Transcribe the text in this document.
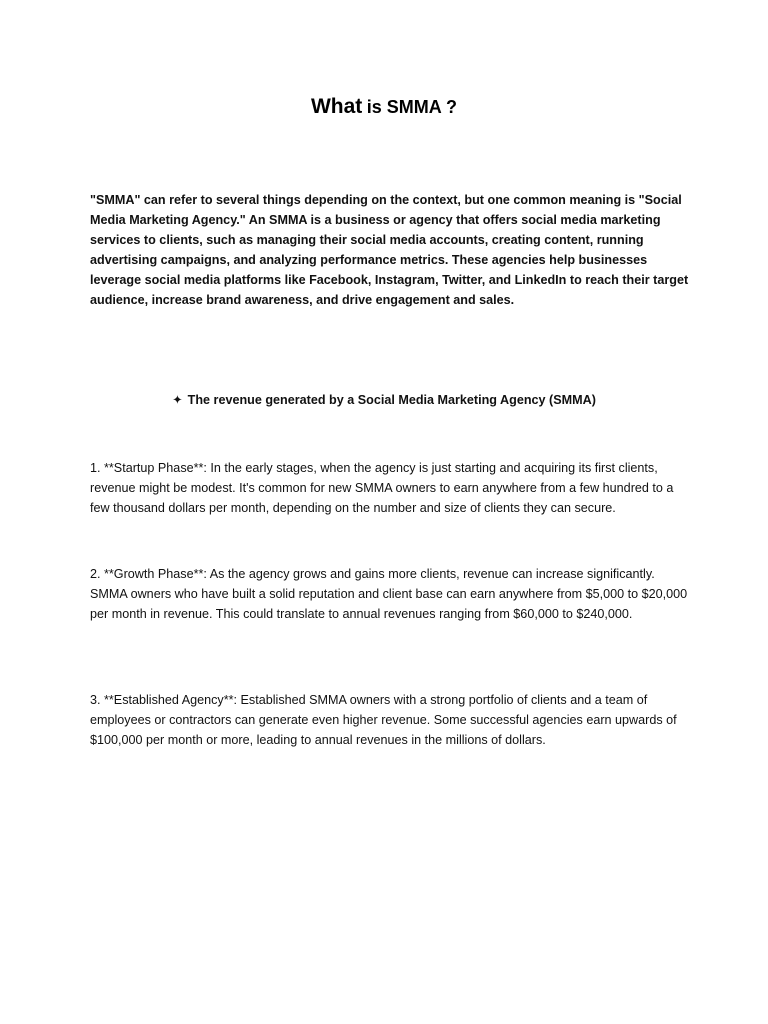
What is SMMA ?

"SMMA" can refer to several things depending on the context, but one common meaning is "Social Media Marketing Agency." An SMMA is a business or agency that offers social media marketing services to clients, such as managing their social media accounts, creating content, running advertising campaigns, and analyzing performance metrics. These agencies help businesses leverage social media platforms like Facebook, Instagram, Twitter, and LinkedIn to reach their target audience, increase brand awareness, and drive engagement and sales.

✦ The revenue generated by a Social Media Marketing Agency (SMMA)

1. **Startup Phase**: In the early stages, when the agency is just starting and acquiring its first clients, revenue might be modest. It's common for new SMMA owners to earn anywhere from a few hundred to a few thousand dollars per month, depending on the number and size of clients they can secure.

2. **Growth Phase**: As the agency grows and gains more clients, revenue can increase significantly. SMMA owners who have built a solid reputation and client base can earn anywhere from $5,000 to $20,000 per month in revenue. This could translate to annual revenues ranging from $60,000 to $240,000.

3. **Established Agency**: Established SMMA owners with a strong portfolio of clients and a team of employees or contractors can generate even higher revenue. Some successful agencies earn upwards of $100,000 per month or more, leading to annual revenues in the millions of dollars.
